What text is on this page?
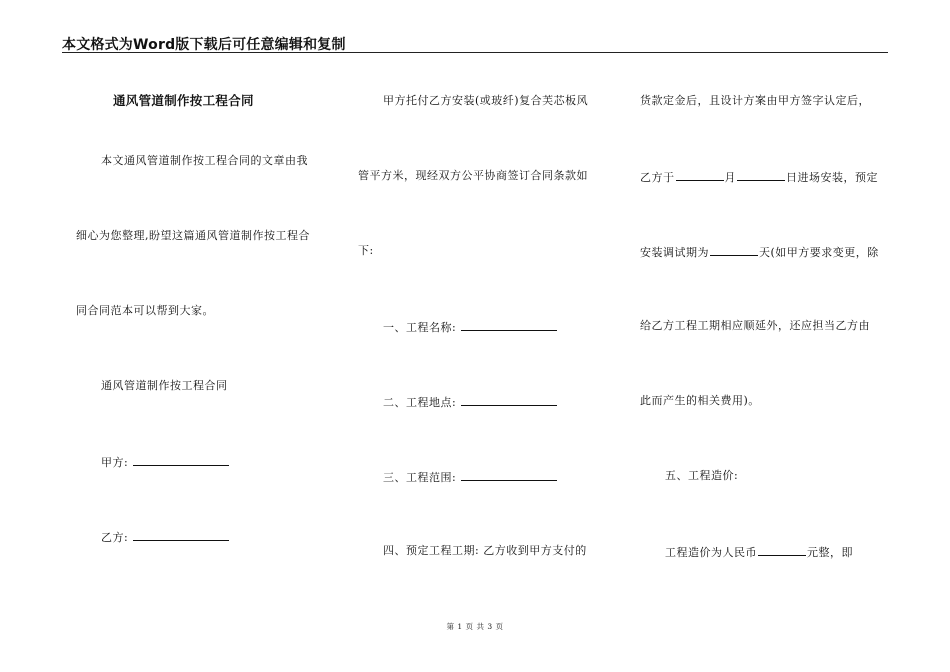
本文格式为Word版下载后可任意编辑和复制
通风管道制作按工程合同
本文通风管道制作按工程合同的文章由我
细心为您整理,盼望这篇通风管道制作按工程合
同合同范本可以帮到大家。
通风管道制作按工程合同
甲方:
乙方:
甲方托付乙方安装(或玻纤)复合芙芯板风
管平方米，现经双方公平协商签订合同条款如
下:
一、工程名称:
二、工程地点:
三、工程范围:
四、预定工程工期: 乙方收到甲方支付的
货款定金后，且设计方案由甲方签字认定后，
乙方于	月	日进场安装，预定
安装调试期为	天(如甲方要求变更，除
给乙方工程工期相应顺延外，还应担当乙方由
此而产生的相关费用)。
五、工程造价:
工程造价为人民币	元整，即
第 1 页 共 3 页
